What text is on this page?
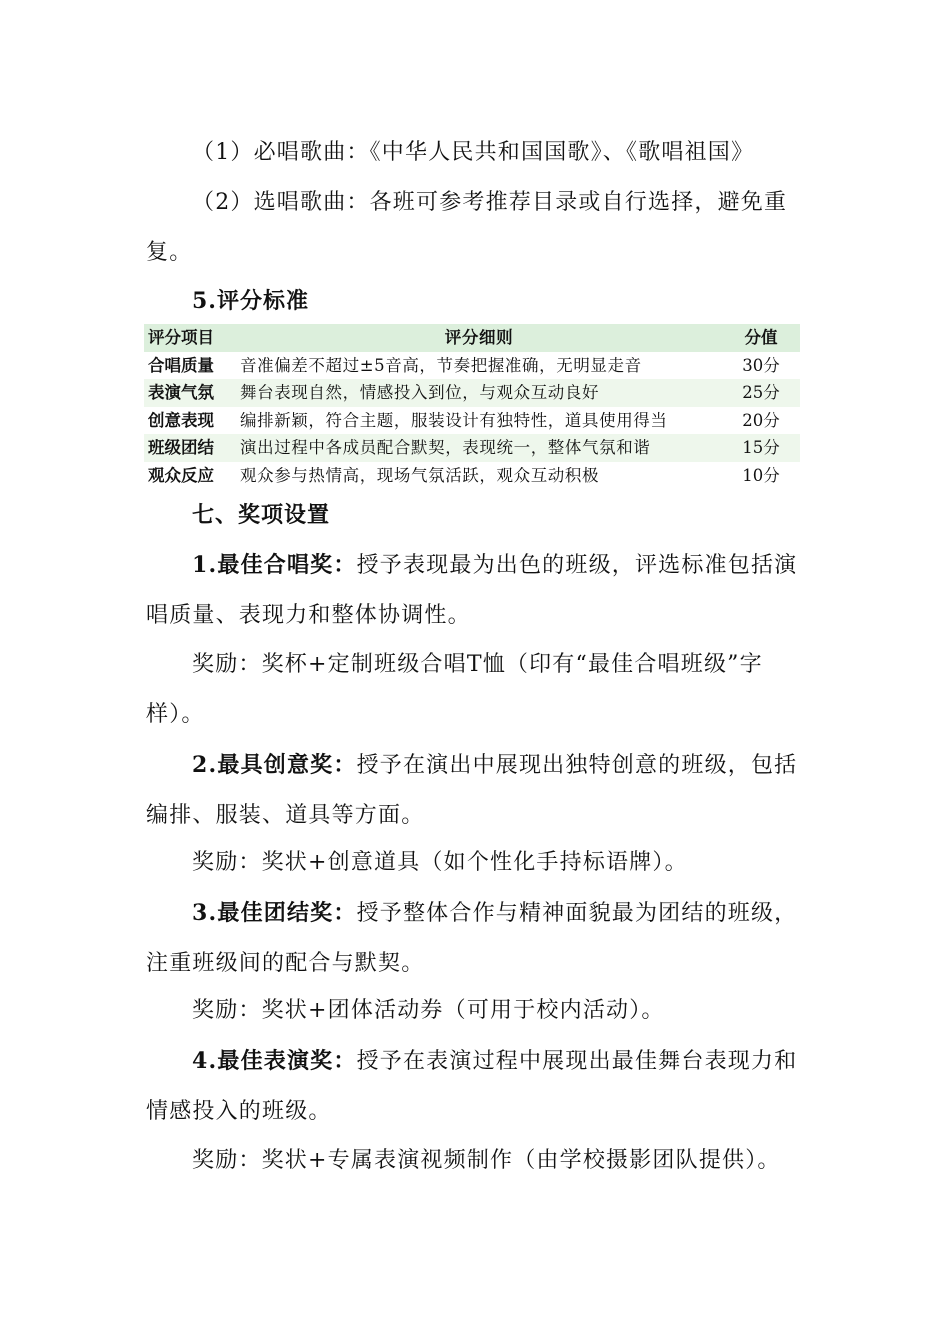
（1）必唱歌曲：《中华人民共和国国歌》、《歌唱祖国》

（2）选唱歌曲：各班可参考推荐目录或自行选择，避免重复。

5.评分标准

评分项目	评分细则	分值
合唱质量	音准偏差不超过±5音高，节奏把握准确，无明显走音	30分
表演气氛	舞台表现自然，情感投入到位，与观众互动良好	25分
创意表现	编排新颖，符合主题，服装设计有独特性，道具使用得当	20分
班级团结	演出过程中各成员配合默契，表现统一，整体气氛和谐	15分
观众反应	观众参与热情高，现场气氛活跃，观众互动积极	10分

七、奖项设置

1.最佳合唱奖：授予表现最为出色的班级，评选标准包括演唱质量、表现力和整体协调性。

奖励：奖杯+定制班级合唱T恤（印有“最佳合唱班级”字样）。

2.最具创意奖：授予在演出中展现出独特创意的班级，包括编排、服装、道具等方面。

奖励：奖状+创意道具（如个性化手持标语牌）。

3.最佳团结奖：授予整体合作与精神面貌最为团结的班级，注重班级间的配合与默契。

奖励：奖状+团体活动券（可用于校内活动）。

4.最佳表演奖：授予在表演过程中展现出最佳舞台表现力和情感投入的班级。

奖励：奖状+专属表演视频制作（由学校摄影团队提供）。
